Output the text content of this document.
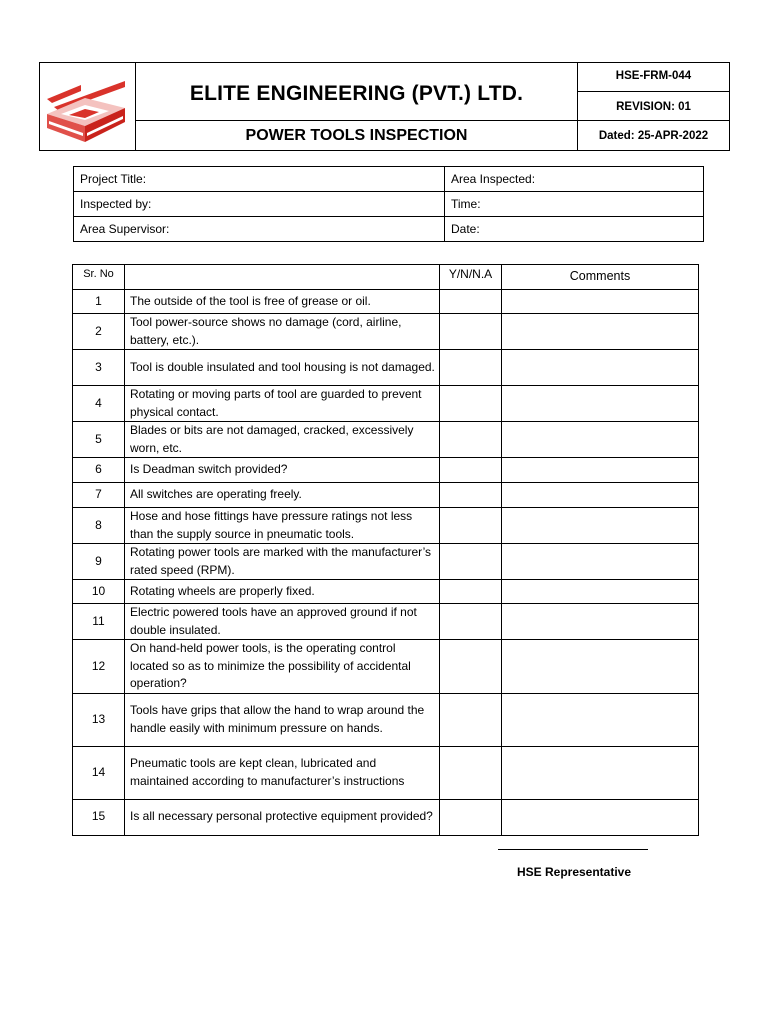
ELITE ENGINEERING (PVT.) LTD.
POWER TOOLS INSPECTION
HSE-FRM-044
REVISION: 01
Dated: 25-APR-2022
Project Title:	Area Inspected:
Inspected by:	Time:
Area Supervisor:	Date:
Sr. No		Y/N/N.A	Comments
1	The outside of the tool is free of grease or oil.		
2	Tool power-source shows no damage (cord, airline, battery, etc.).		
3	Tool is double insulated and tool housing is not damaged.		
4	Rotating or moving parts of tool are guarded to prevent physical contact.		
5	Blades or bits are not damaged, cracked, excessively worn, etc.		
6	Is Deadman switch provided?		
7	All switches are operating freely.		
8	Hose and hose fittings have pressure ratings not less than the supply source in pneumatic tools.		
9	Rotating power tools are marked with the manufacturer’s rated speed (RPM).		
10	Rotating wheels are properly fixed.		
11	Electric powered tools have an approved ground if not double insulated.		
12	On hand-held power tools, is the operating control located so as to minimize the possibility of accidental operation?		
13	Tools have grips that allow the hand to wrap around the handle easily with minimum pressure on hands.		
14	Pneumatic tools are kept clean, lubricated and maintained according to manufacturer’s instructions		
15	Is all necessary personal protective equipment provided?		
HSE Representative
